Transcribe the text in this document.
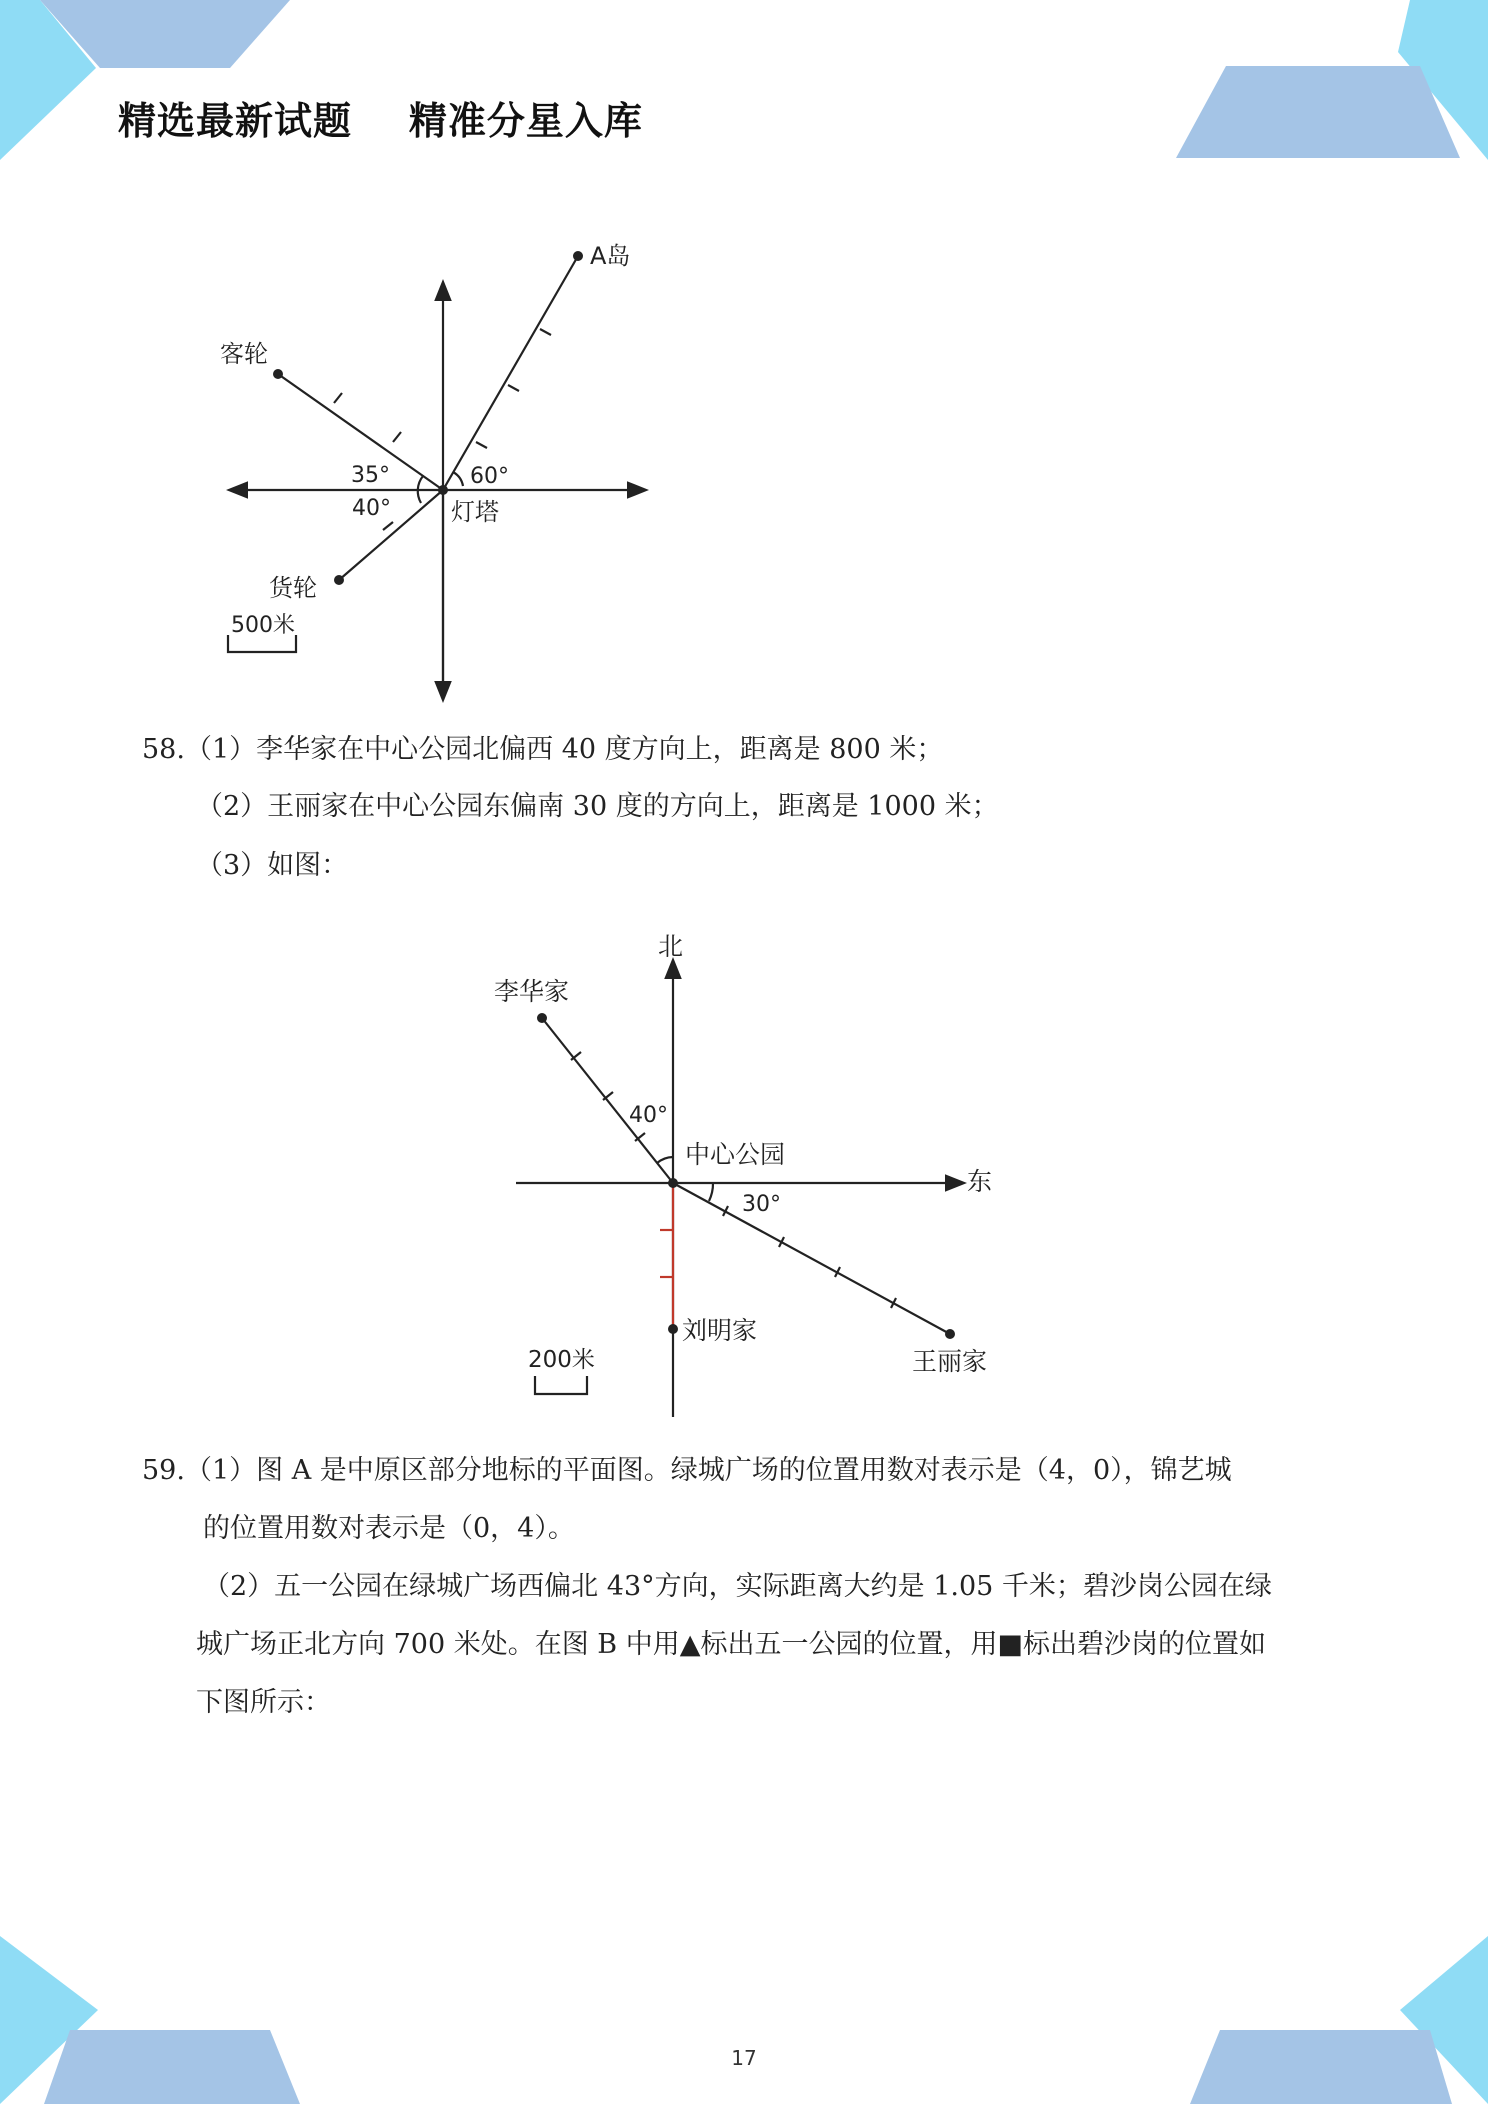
精选最新试题    精准分星入库
A岛
客轮
货轮
灯塔
500米
35°	60°
40°
58.（1）李华家在中心公园北偏西 40 度方向上，距离是 800 米；
（2）王丽家在中心公园东偏南 30 度的方向上，距离是 1000 米；
（3）如图：
北
东
李华家
中心公园
刘明家
王丽家
200米
40°
30°
59.（1）图 A 是中原区部分地标的平面图。绿城广场的位置用数对表示是（4，0），锦艺城
的位置用数对表示是（0，4）。
（2）五一公园在绿城广场西偏北 43°方向，实际距离大约是 1.05 千米；碧沙岗公园在绿
城广场正北方向 700 米处。在图 B 中用▲标出五一公园的位置，用■标出碧沙岗的位置如
下图所示：
17
